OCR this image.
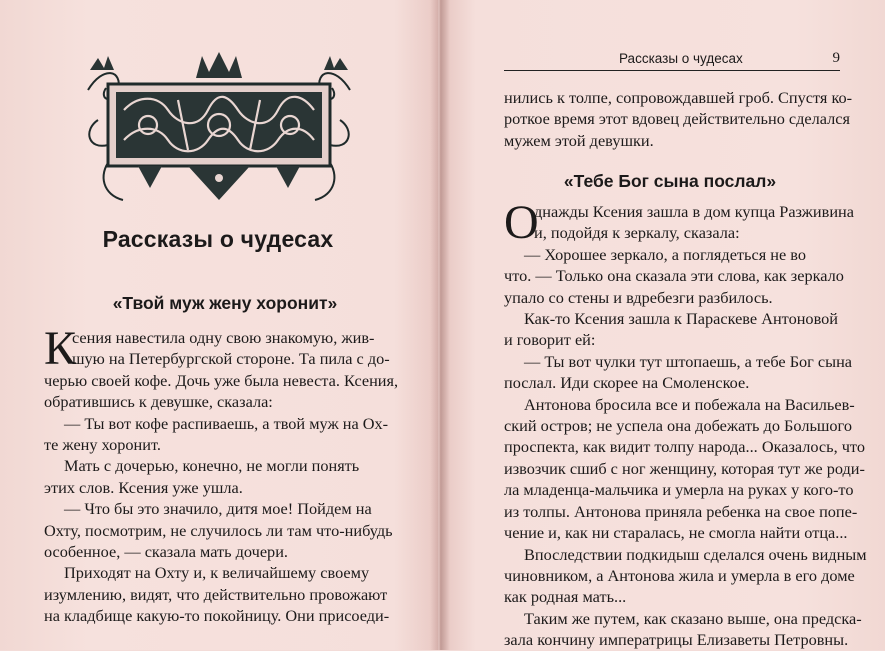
Рассказы о чудесах
«Твой муж жену хоронит»
К
сения навестила одну свою знакомую, жив-
шую на Петербургской стороне. Та пила с до-
черью своей кофе. Дочь уже была невеста. Ксения,
обратившись к девушке, сказала:
— Ты вот кофе распиваешь, а твой муж на Ох-
те жену хоронит.
Мать с дочерью, конечно, не могли понять
этих слов. Ксения уже ушла.
— Что бы это значило, дитя мое! Пойдем на
Охту, посмотрим, не случилось ли там что-нибудь
особенное, — сказала мать дочери.
Приходят на Охту и, к величайшему своему
изумлению, видят, что действительно провожают
на кладбище какую-то покойницу. Они присоеди-
Рассказы о чудесах	9
нились к толпе, сопровождавшей гроб. Спустя ко-
роткое время этот вдовец действительно сделался
мужем этой девушки.
«Тебе Бог сына послал»
О
днажды Ксения зашла в дом купца Разживина
и, подойдя к зеркалу, сказала:
— Хорошее зеркало, а поглядеться не во
что. — Только она сказала эти слова, как зеркало
упало со стены и вдребезги разбилось.
Как-то Ксения зашла к Параскеве Антоновой
и говорит ей:
— Ты вот чулки тут штопаешь, а тебе Бог сына
послал. Иди скорее на Смоленское.
Антонова бросила все и побежала на Васильев-
ский остров; не успела она добежать до Большого
проспекта, как видит толпу народа... Оказалось, что
извозчик сшиб с ног женщину, которая тут же роди-
ла младенца-мальчика и умерла на руках у кого-то
из толпы. Антонова приняла ребенка на свое попе-
чение и, как ни старалась, не смогла найти отца...
Впоследствии подкидыш сделался очень видным
чиновником, а Антонова жила и умерла в его доме
как родная мать...
Таким же путем, как сказано выше, она предска-
зала кончину императрицы Елизаветы Петровны.
